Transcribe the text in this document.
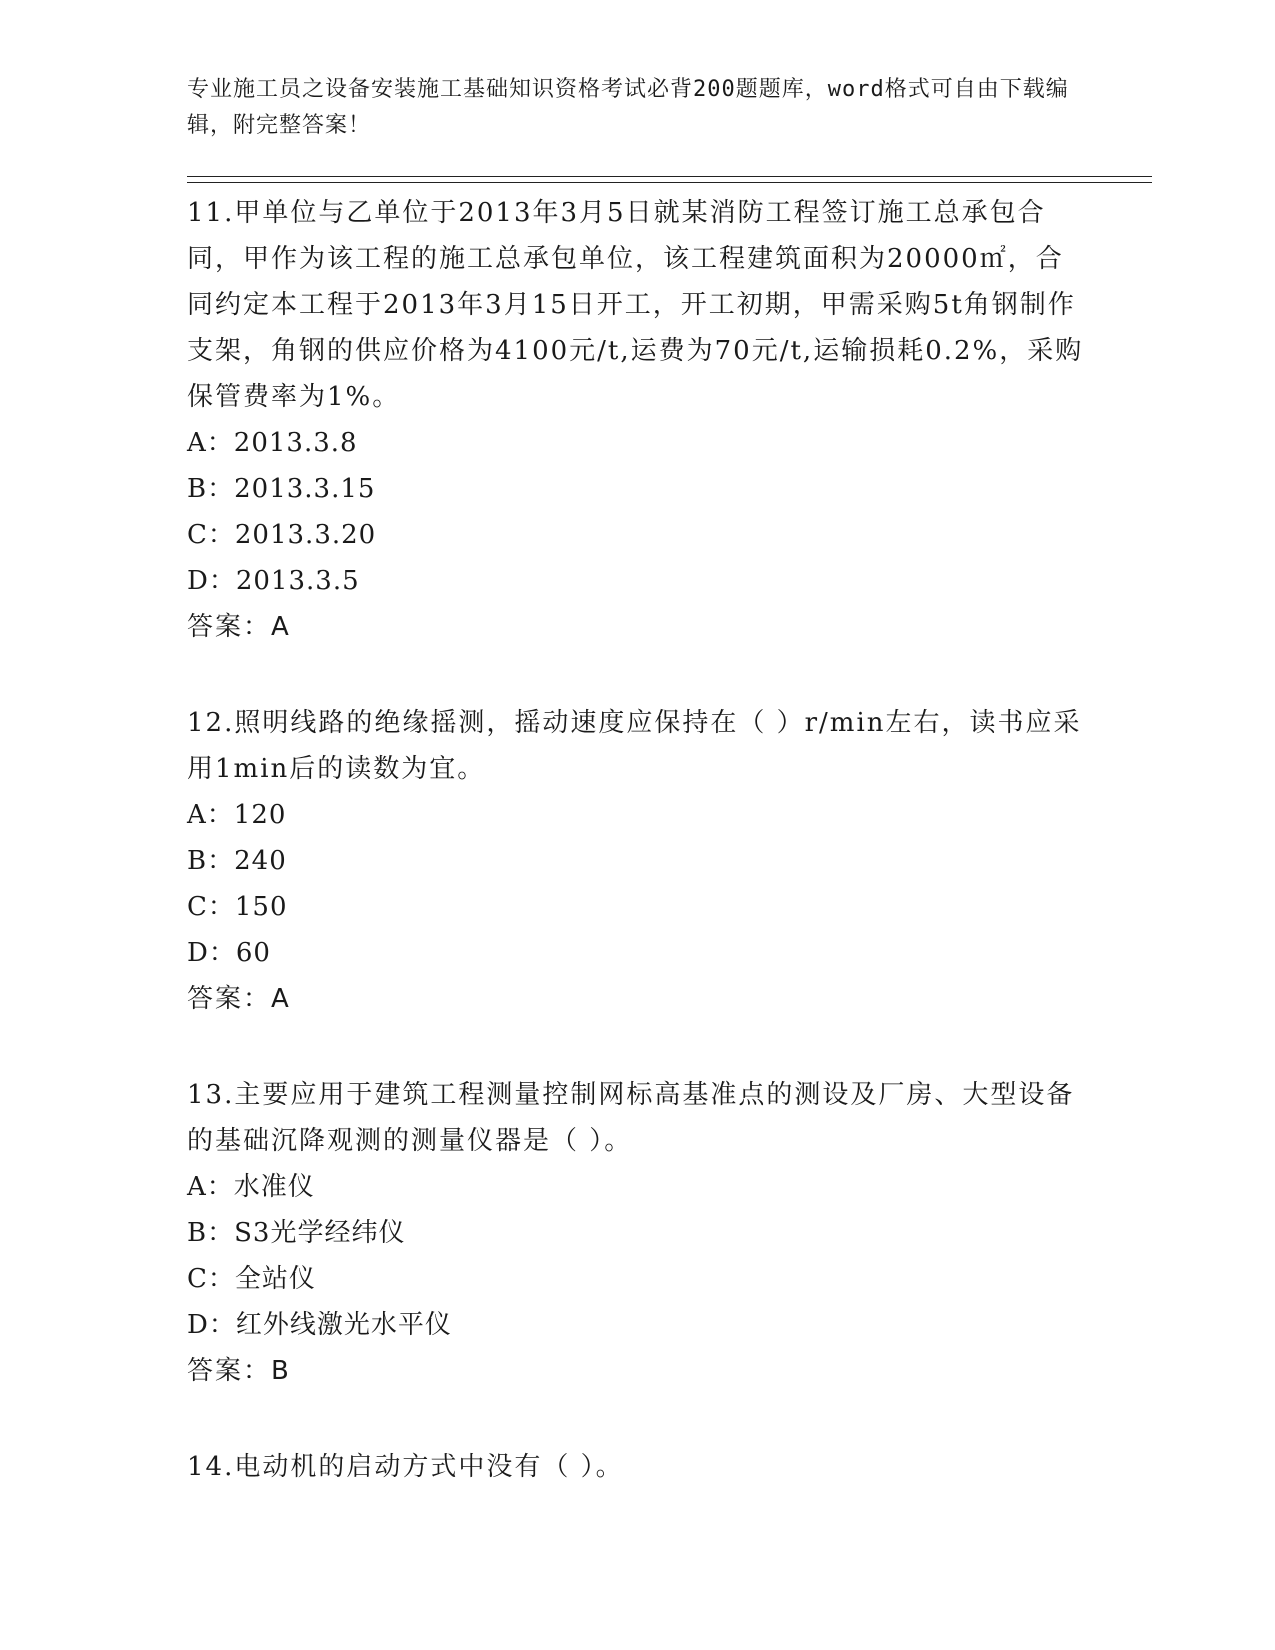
专业施工员之设备安装施工基础知识资格考试必背200题题库，word格式可自由下载编辑，附完整答案！
11.甲单位与乙单位于2013年3月5日就某消防工程签订施工总承包合同，甲作为该工程的施工总承包单位，该工程建筑面积为20000㎡，合同约定本工程于2013年3月15日开工，开工初期，甲需采购5t角钢制作支架，角钢的供应价格为4100元/t,运费为70元/t,运输损耗0.2%，采购保管费率为1%。
A：2013.3.8
B：2013.3.15
C：2013.3.20
D：2013.3.5
答案：A
12.照明线路的绝缘摇测，摇动速度应保持在（ ）r/min左右，读书应采用1min后的读数为宜。
A：120
B：240
C：150
D：60
答案：A
13.主要应用于建筑工程测量控制网标高基准点的测设及厂房、大型设备的基础沉降观测的测量仪器是（ ）。
A：水准仪
B：S3光学经纬仪
C：全站仪
D：红外线激光水平仪
答案：B
14.电动机的启动方式中没有（ ）。
